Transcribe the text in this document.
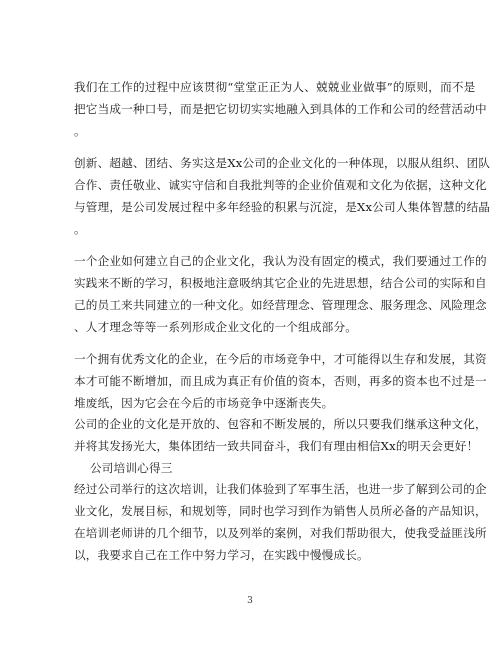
我们在工作的过程中应该贯彻“堂堂正正为人、兢兢业业做事”的原则，而不是
把它当成一种口号，而是把它切切实实地融入到具体的工作和公司的经营活动中
。

创新、超越、团结、务实这是Xx公司的企业文化的一种体现，以服从组织、团队
合作、责任敬业、诚实守信和自我批判等的企业价值观和文化为依据，这种文化
与管理，是公司发展过程中多年经验的积累与沉淀，是Xx公司人集体智慧的结晶
。

一个企业如何建立自己的企业文化，我认为没有固定的模式，我们要通过工作的
实践来不断的学习，积极地注意吸纳其它企业的先进思想，结合公司的实际和自
己的员工来共同建立的一种文化。如经营理念、管理理念、服务理念、风险理念
、人才理念等等一系列形成企业文化的一个组成部分。

一个拥有优秀文化的企业，在今后的市场竞争中，才可能得以生存和发展，其资
本才可能不断增加，而且成为真正有价值的资本，否则，再多的资本也不过是一
堆废纸，因为它会在今后的市场竞争中逐渐丧失。

公司的企业的文化是开放的、包容和不断发展的，所以只要我们继承这种文化，
并将其发扬光大，集体团结一致共同奋斗，我们有理由相信Xx的明天会更好！
公司培训心得三

经过公司举行的这次培训，让我们体验到了军事生活，也进一步了解到公司的企
业文化，发展目标，和规划等，同时也学习到作为销售人员所必备的产品知识，
在培训老师讲的几个细节，以及列举的案例，对我们帮助很大，使我受益匪浅所
以，我要求自己在工作中努力学习，在实践中慢慢成长。

3
